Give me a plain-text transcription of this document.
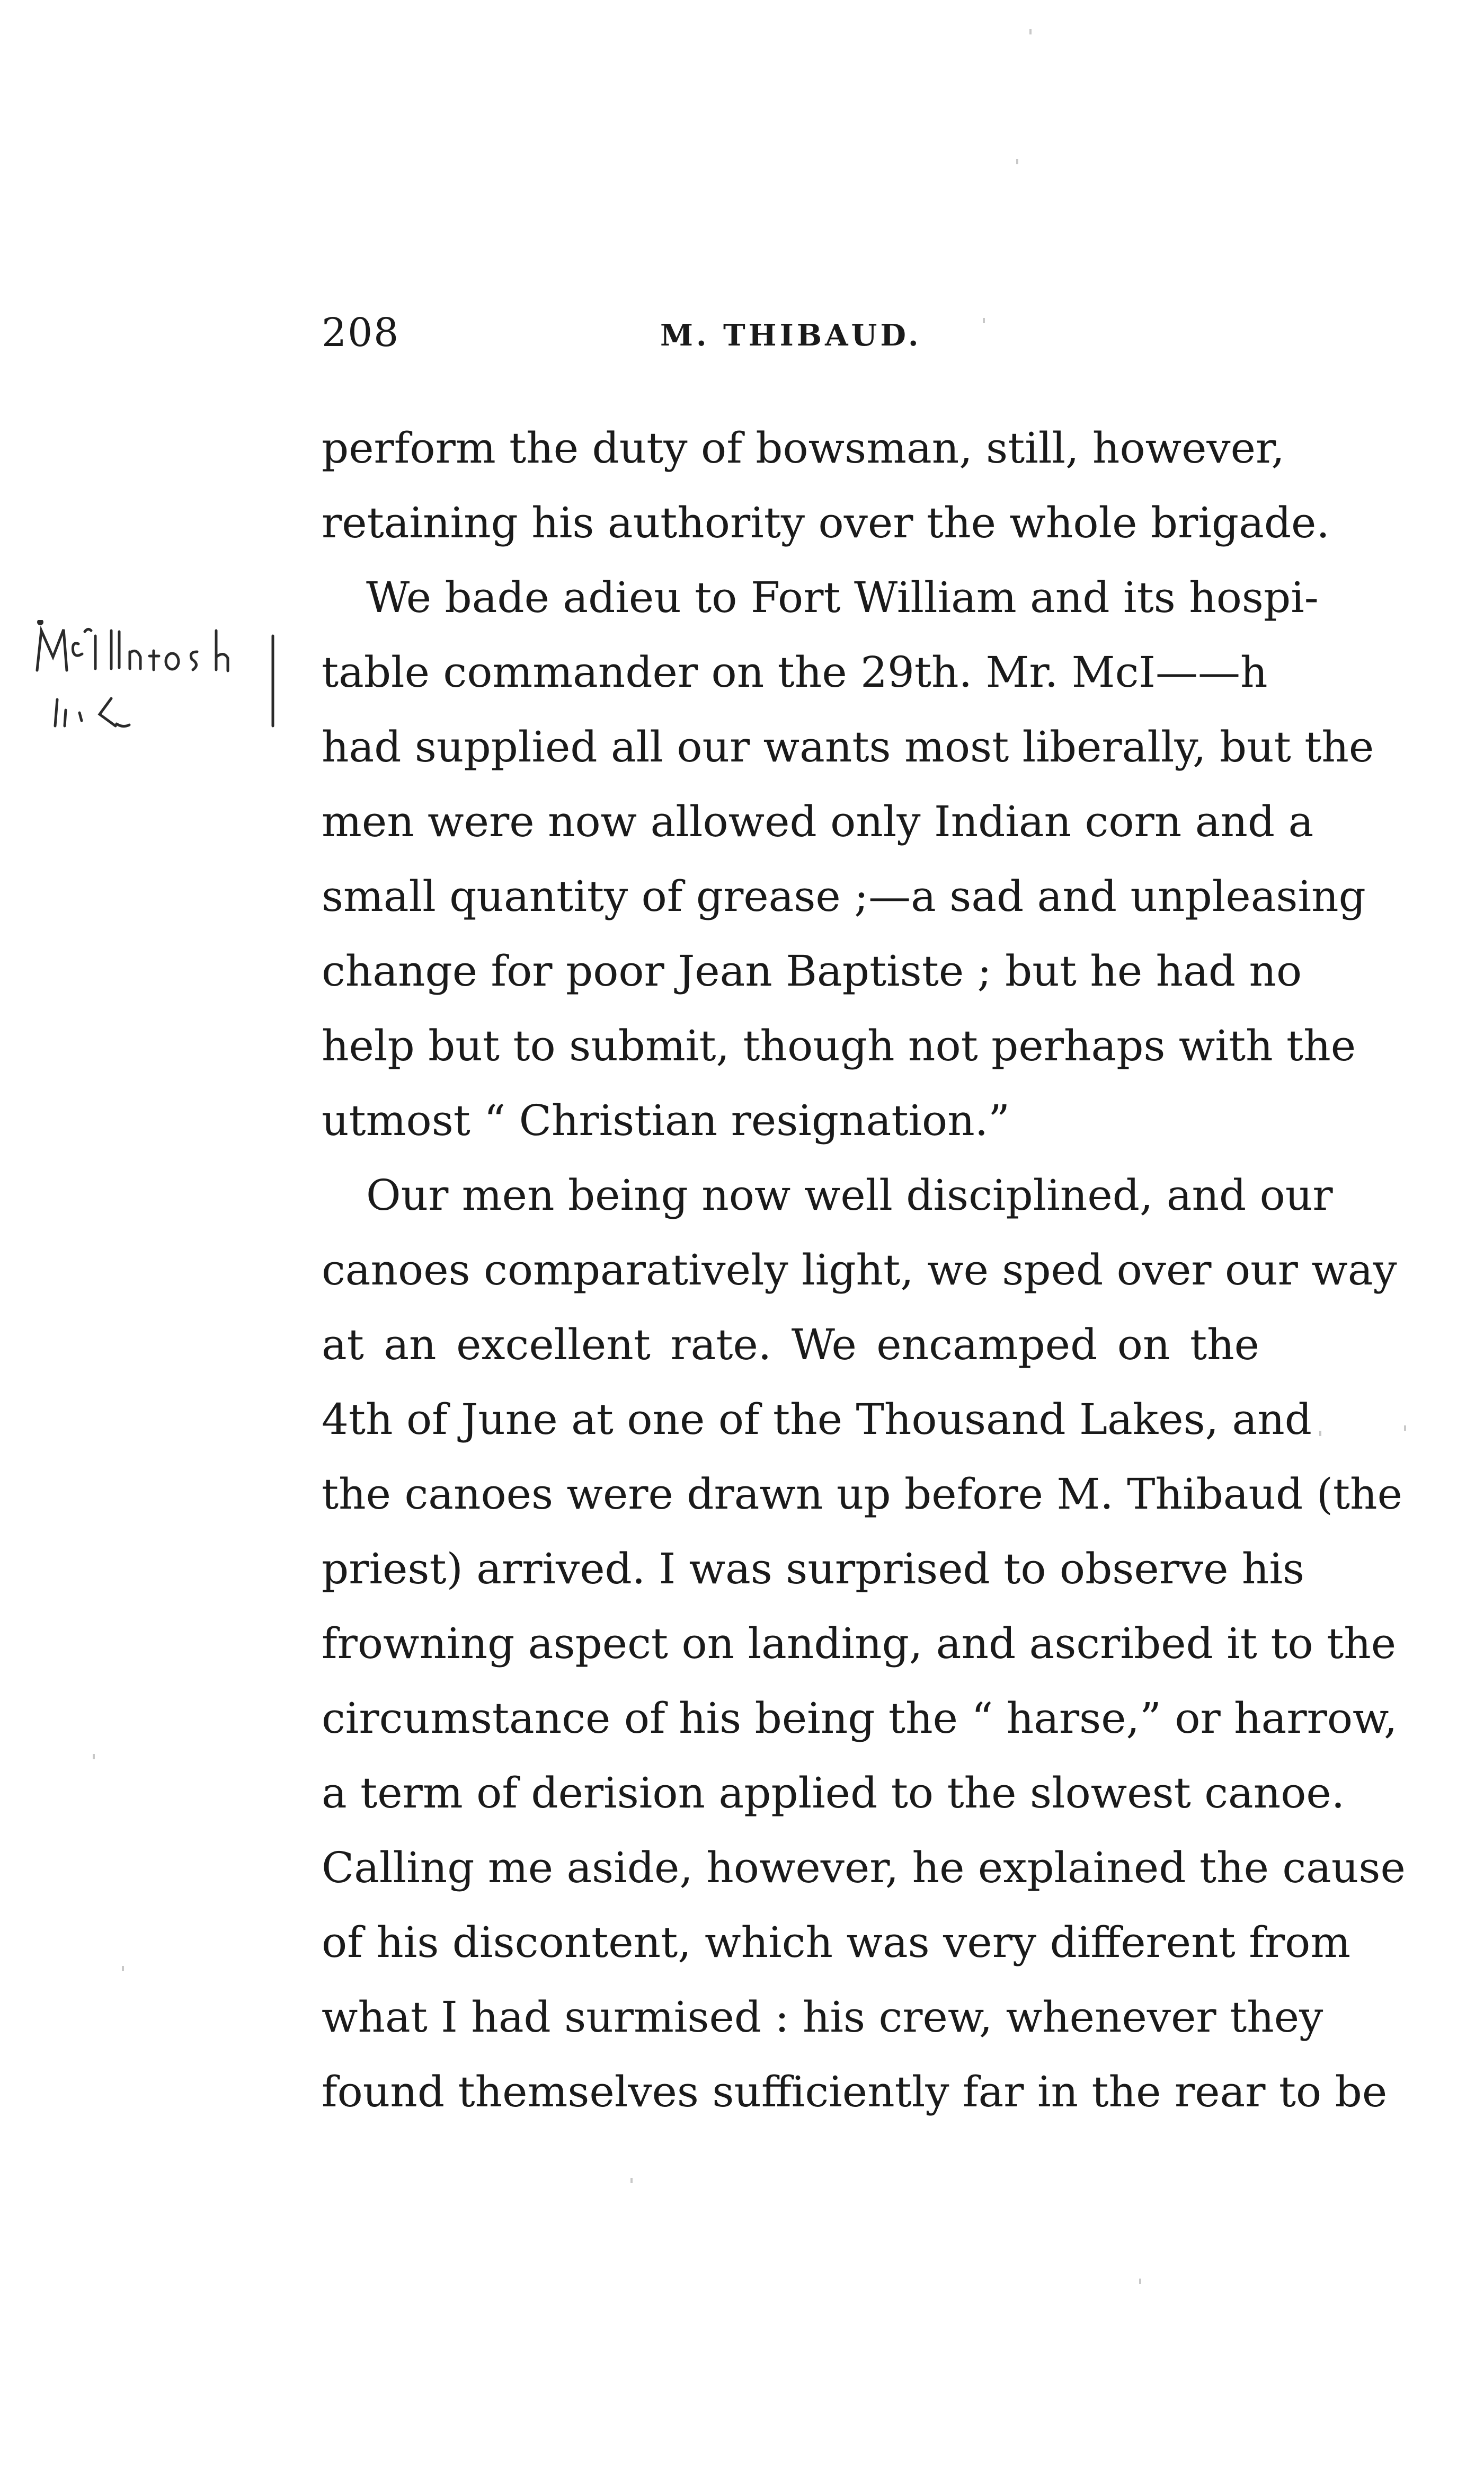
208	M. THIBAUD.
perform the duty of bowsman, still, however,
retaining his authority over the whole brigade.
We bade adieu to Fort William and its hospi-
table commander on the 29th. Mr. McI——h
had supplied all our wants most liberally, but the
men were now allowed only Indian corn and a
small quantity of grease ;—a sad and unpleasing
change for poor Jean Baptiste ; but he had no
help but to submit, though not perhaps with the
utmost “ Christian resignation.”
Our men being now well disciplined, and our
canoes comparatively light, we sped over our way
at an excellent rate. We encamped on the
4th of June at one of the Thousand Lakes, and
the canoes were drawn up before M. Thibaud (the
priest) arrived. I was surprised to observe his
frowning aspect on landing, and ascribed it to the
circumstance of his being the “ harse,” or harrow,
a term of derision applied to the slowest canoe.
Calling me aside, however, he explained the cause
of his discontent, which was very different from
what I had surmised : his crew, whenever they
found themselves sufficiently far in the rear to be
